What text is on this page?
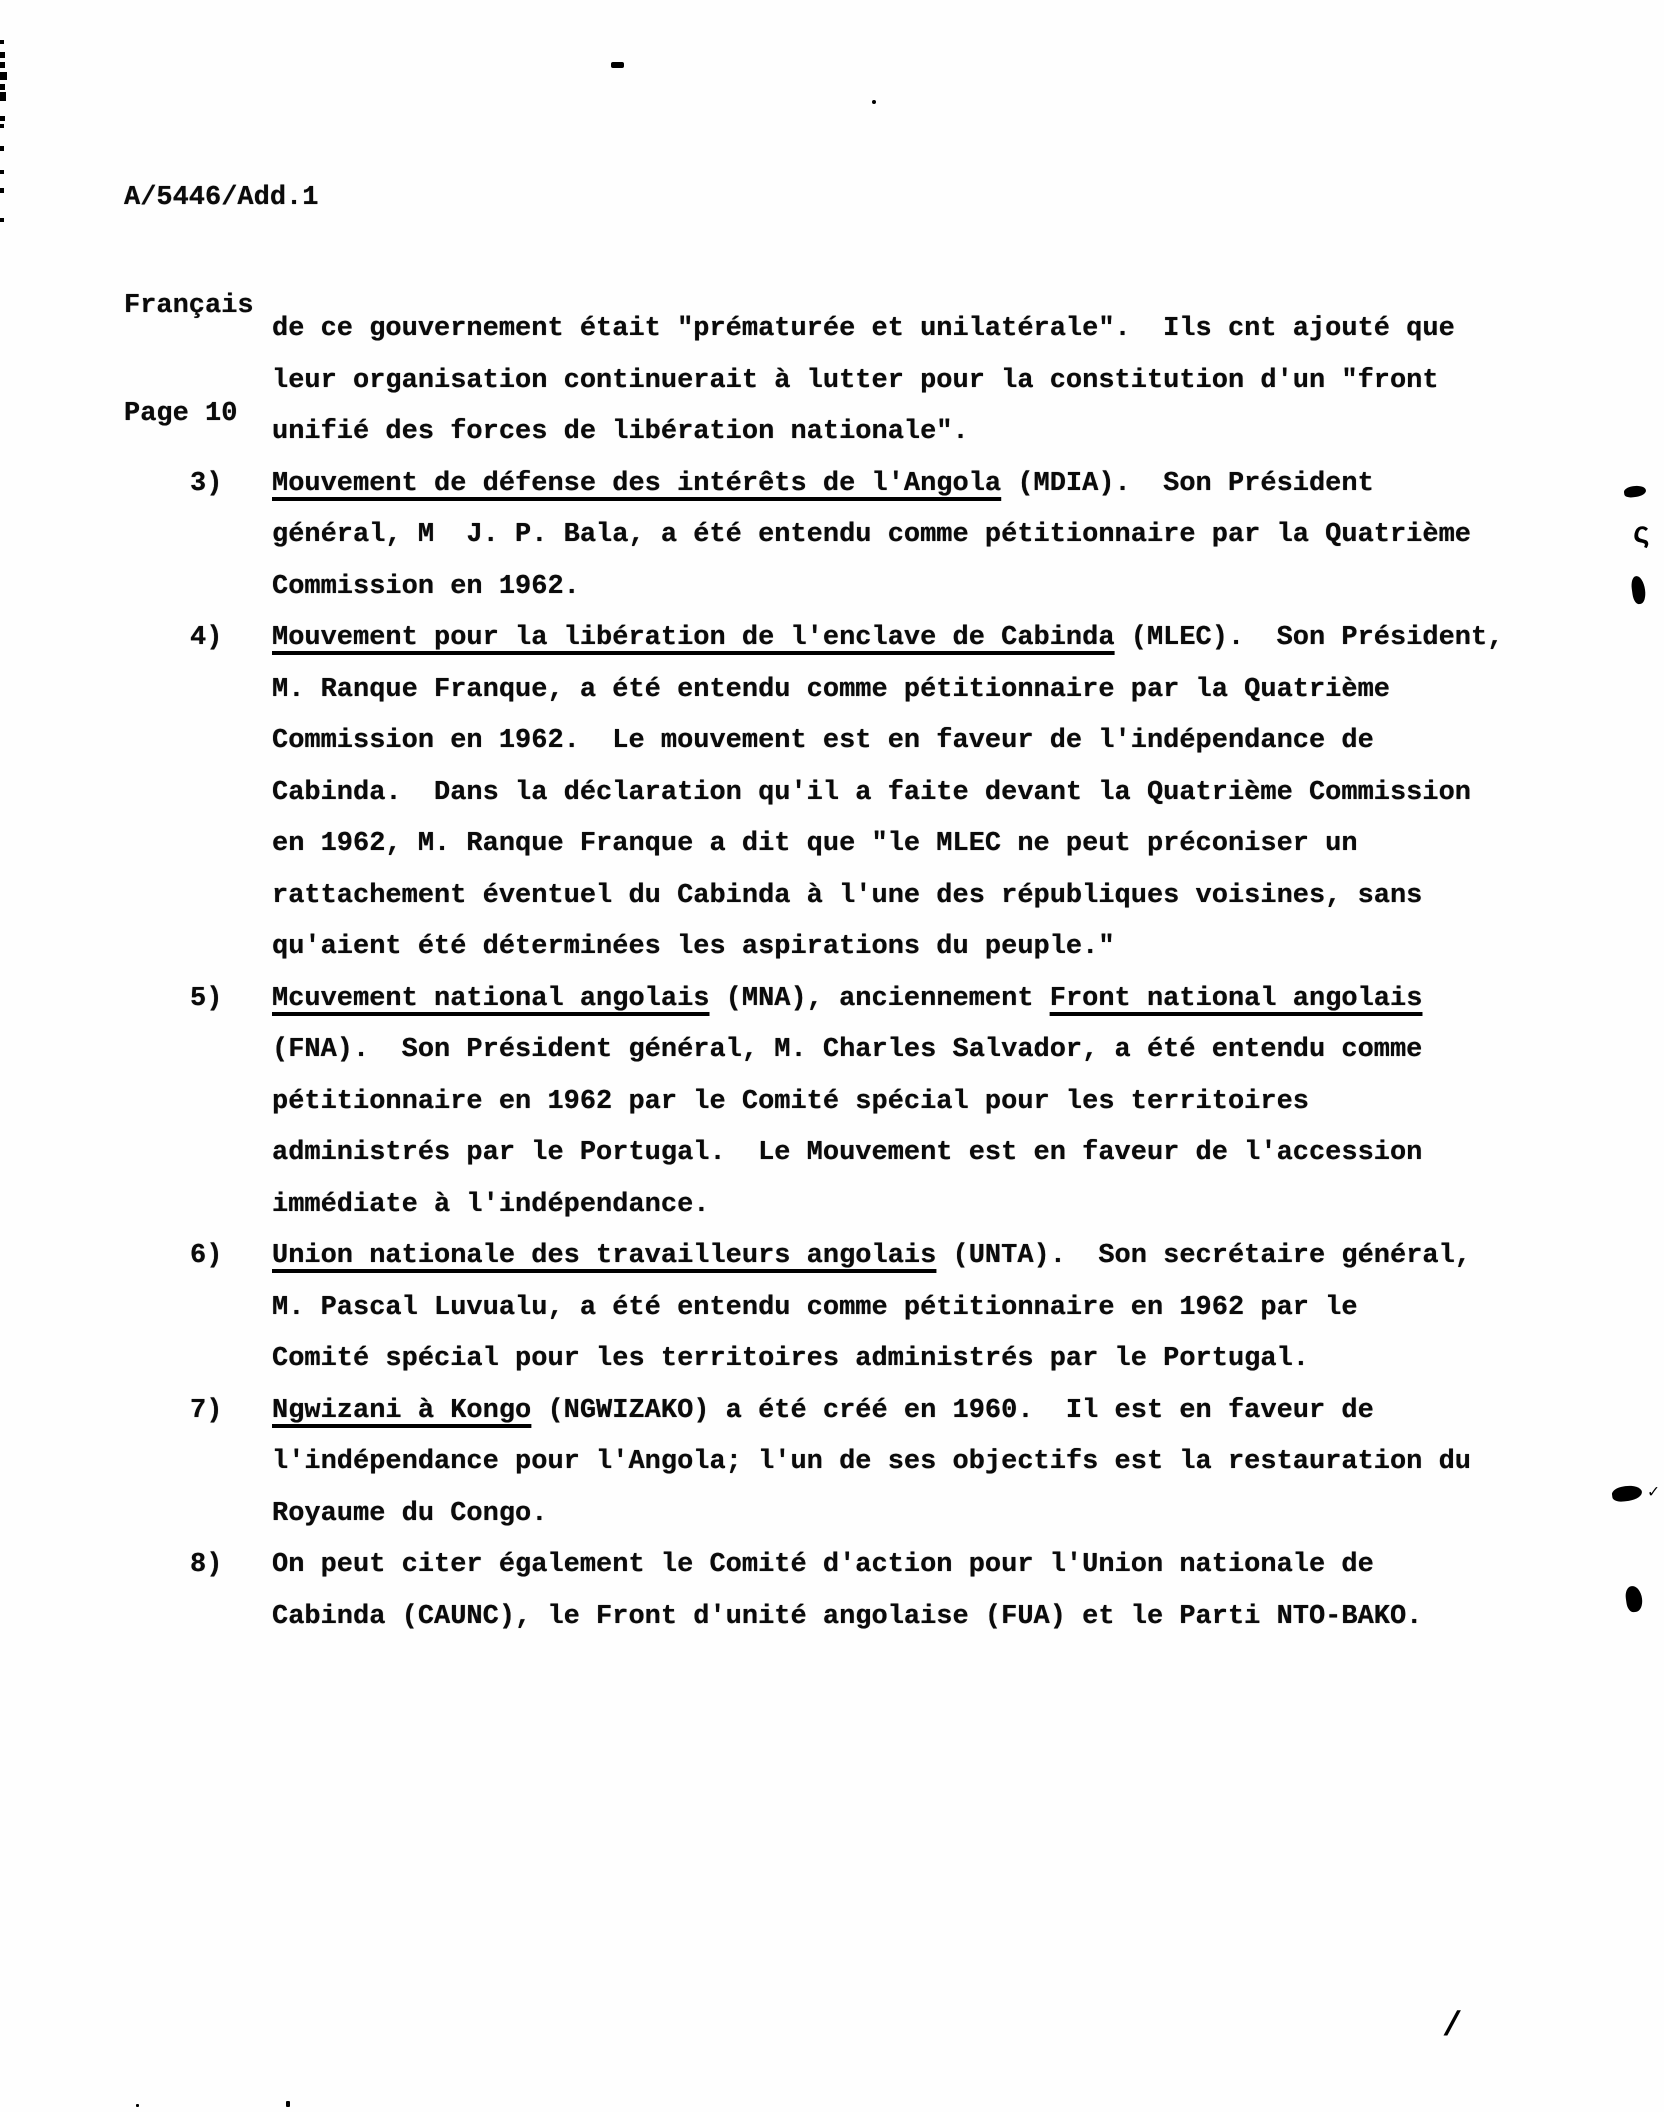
A/5446/Add.1

Français

Page 10

de ce gouvernement était "prématurée et unilatérale".  Ils cnt ajouté que
leur organisation continuerait à lutter pour la constitution d'un "front
unifié des forces de libération nationale".
3) Mouvement de défense des intérêts de l'Angola (MDIA).  Son Président
général, M  J. P. Bala, a été entendu comme pétitionnaire par la Quatrième
Commission en 1962.
4) Mouvement pour la libération de l'enclave de Cabinda (MLEC).  Son Président,
M. Ranque Franque, a été entendu comme pétitionnaire par la Quatrième
Commission en 1962.  Le mouvement est en faveur de l'indépendance de
Cabinda.  Dans la déclaration qu'il a faite devant la Quatrième Commission
en 1962, M. Ranque Franque a dit que "le MLEC ne peut préconiser un
rattachement éventuel du Cabinda à l'une des républiques voisines, sans
qu'aient été déterminées les aspirations du peuple."
5) Mcuvement national angolais (MNA), anciennement Front national angolais
(FNA).  Son Président général, M. Charles Salvador, a été entendu comme
pétitionnaire en 1962 par le Comité spécial pour les territoires
administrés par le Portugal.  Le Mouvement est en faveur de l'accession
immédiate à l'indépendance.
6) Union nationale des travailleurs angolais (UNTA).  Son secrétaire général,
M. Pascal Luvualu, a été entendu comme pétitionnaire en 1962 par le
Comité spécial pour les territoires administrés par le Portugal.
7) Ngwizani à Kongo (NGWIZAKO) a été créé en 1960.  Il est en faveur de
l'indépendance pour l'Angola; l'un de ses objectifs est la restauration du
Royaume du Congo.
8) On peut citer également le Comité d'action pour l'Union nationale de
Cabinda (CAUNC), le Front d'unité angolaise (FUA) et le Parti NTO-BAKO.
ς
✓
/
